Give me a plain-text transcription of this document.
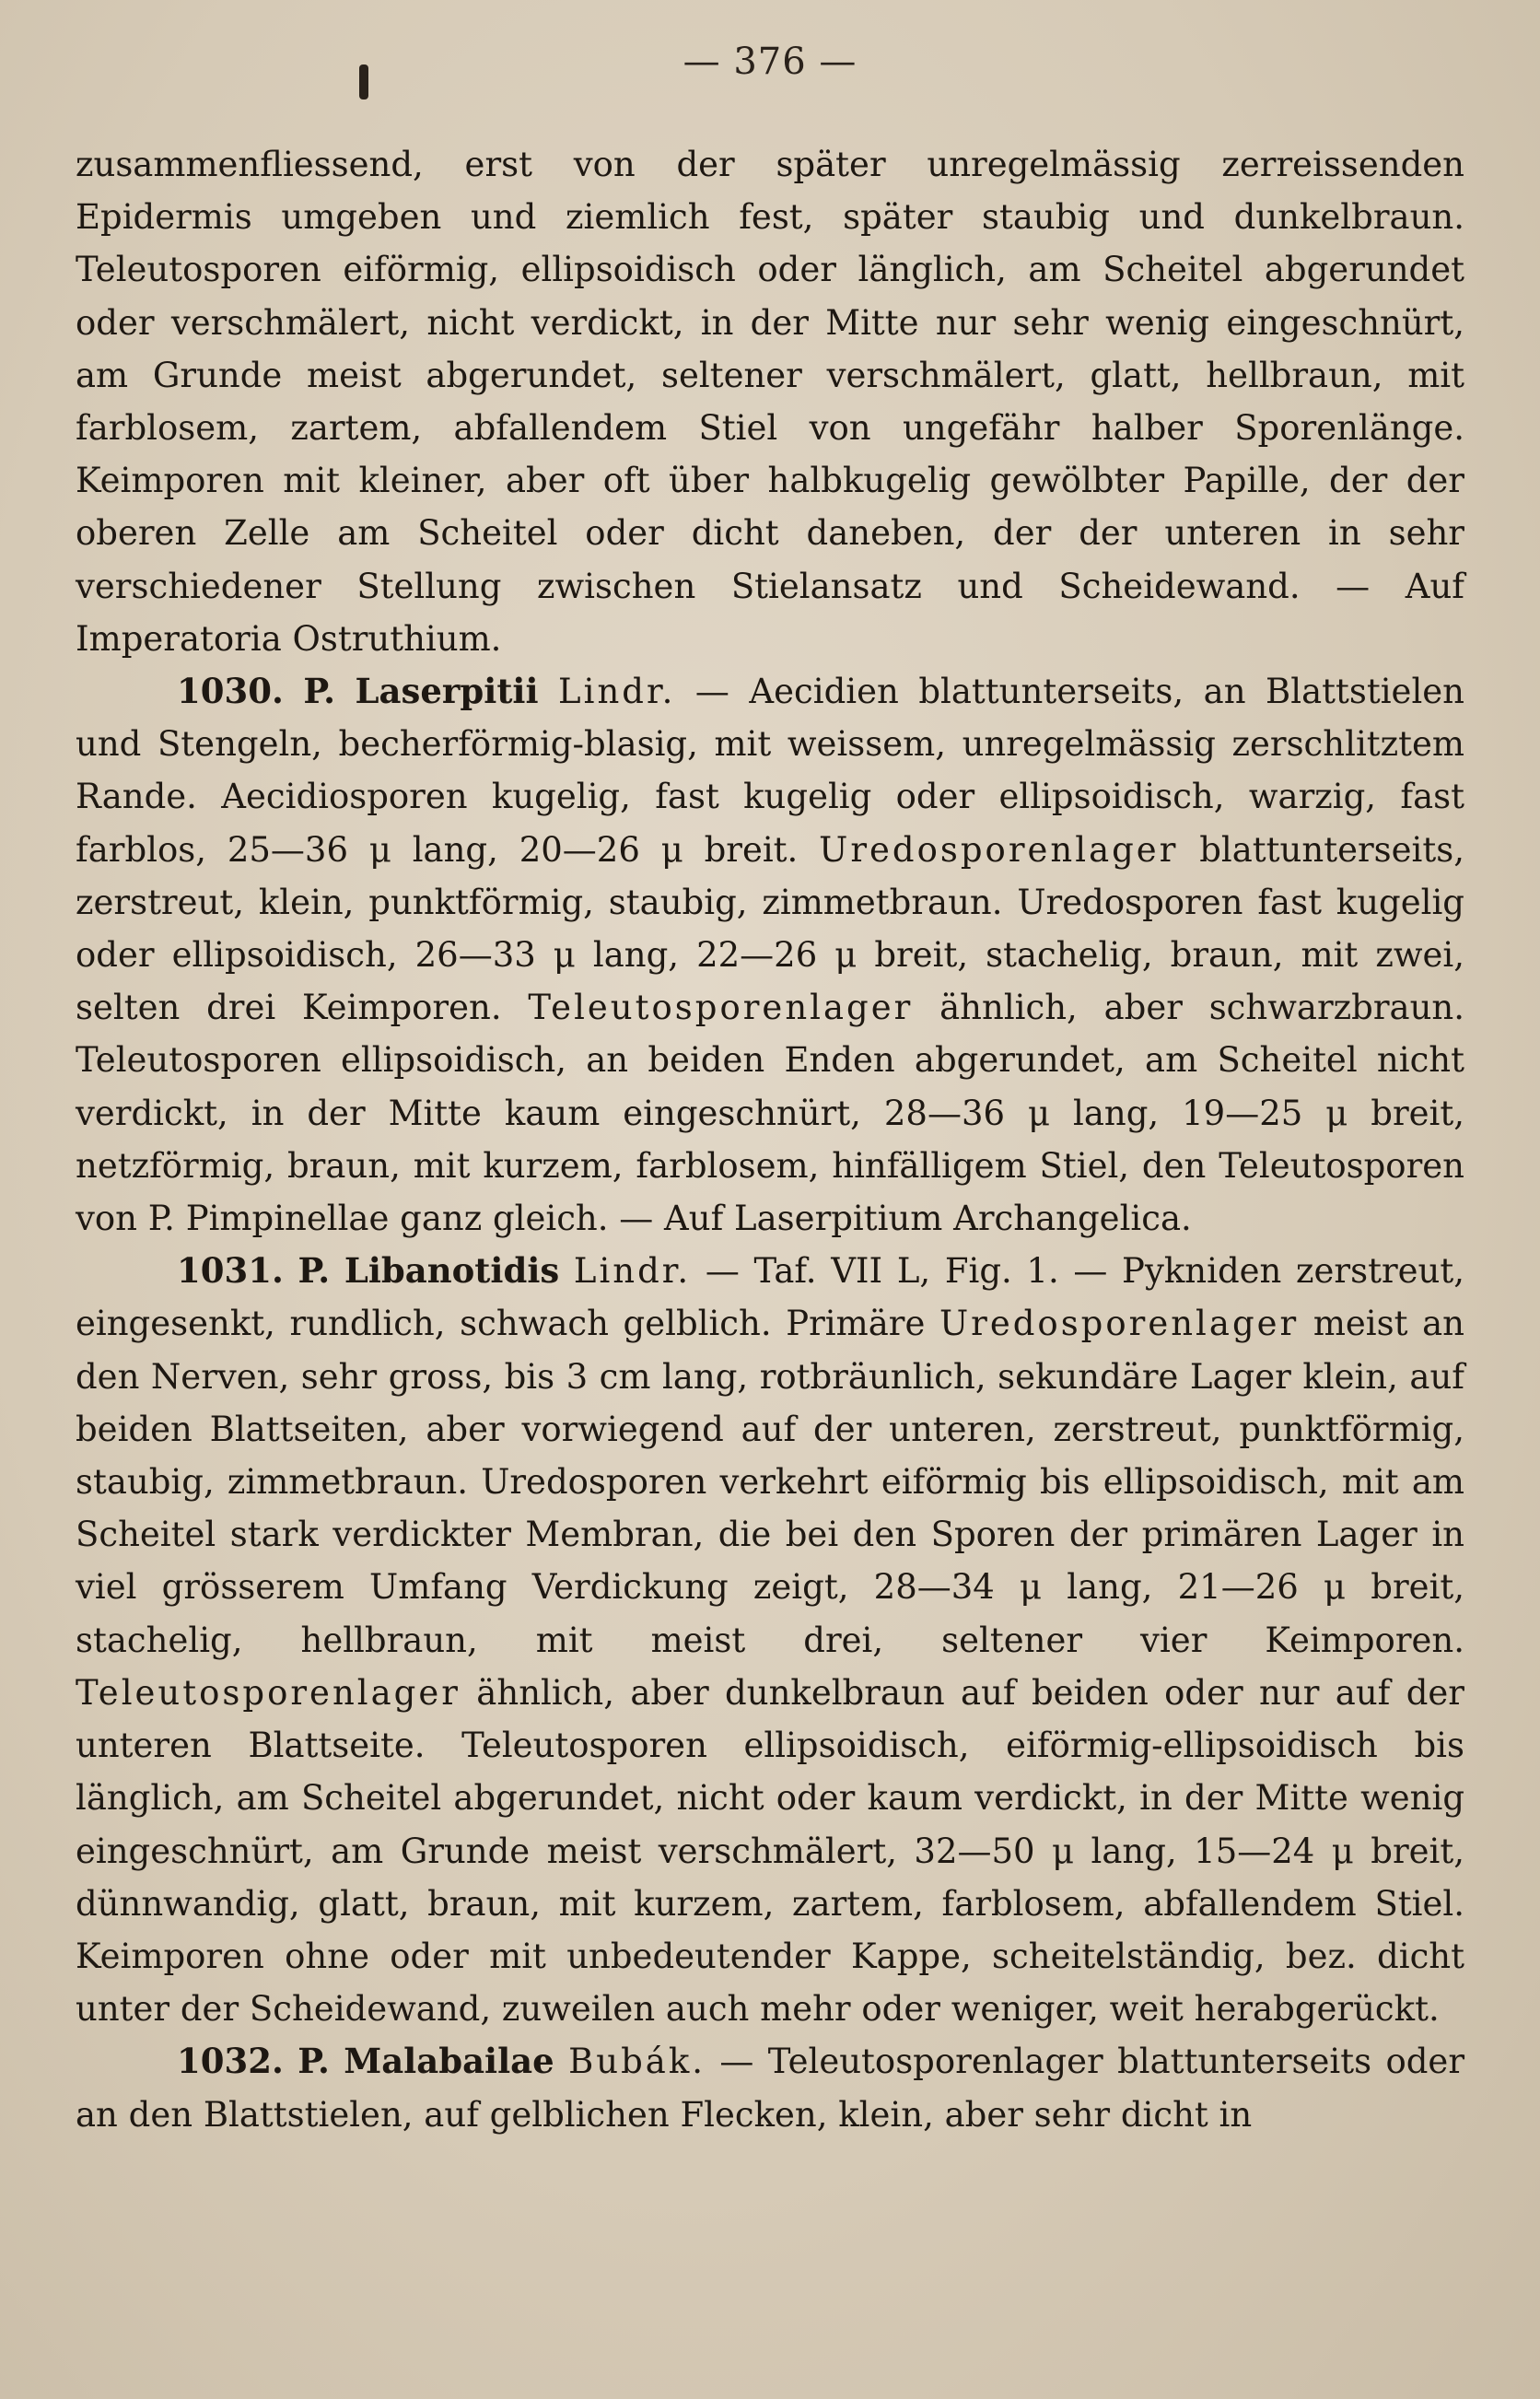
— 376 —

zusammenfliessend, erst von der später unregelmässig zerreissenden Epidermis umgeben und ziemlich fest, später staubig und dunkelbraun. Teleutosporen eiförmig, ellipsoidisch oder länglich, am Scheitel abgerundet oder verschmälert, nicht verdickt, in der Mitte nur sehr wenig eingeschnürt, am Grunde meist abgerundet, seltener verschmälert, glatt, hellbraun, mit farblosem, zartem, abfallendem Stiel von ungefähr halber Sporenlänge. Keimporen mit kleiner, aber oft über halbkugelig gewölbter Papille, der der oberen Zelle am Scheitel oder dicht daneben, der der unteren in sehr verschiedener Stellung zwischen Stielansatz und Scheidewand. — Auf Imperatoria Ostruthium.

1030. P. Laserpitii Lindr. — Aecidien blattunterseits, an Blattstielen und Stengeln, becherförmig-blasig, mit weissem, unregelmässig zerschlitztem Rande. Aecidiosporen kugelig, fast kugelig oder ellipsoidisch, warzig, fast farblos, 25—36 μ lang, 20—26 μ breit. Uredosporenlager blattunterseits, zerstreut, klein, punktförmig, staubig, zimmetbraun. Uredosporen fast kugelig oder ellipsoidisch, 26—33 μ lang, 22—26 μ breit, stachelig, braun, mit zwei, selten drei Keimporen. Teleutosporenlager ähnlich, aber schwarzbraun. Teleutosporen ellipsoidisch, an beiden Enden abgerundet, am Scheitel nicht verdickt, in der Mitte kaum eingeschnürt, 28—36 μ lang, 19—25 μ breit, netzförmig, braun, mit kurzem, farblosem, hinfälligem Stiel, den Teleutosporen von P. Pimpinellae ganz gleich. — Auf Laserpitium Archangelica.

1031. P. Libanotidis Lindr. — Taf. VII L, Fig. 1. — Pykniden zerstreut, eingesenkt, rundlich, schwach gelblich. Primäre Uredosporenlager meist an den Nerven, sehr gross, bis 3 cm lang, rotbräunlich, sekundäre Lager klein, auf beiden Blattseiten, aber vorwiegend auf der unteren, zerstreut, punktförmig, staubig, zimmetbraun. Uredosporen verkehrt eiförmig bis ellipsoidisch, mit am Scheitel stark verdickter Membran, die bei den Sporen der primären Lager in viel grösserem Umfang Verdickung zeigt, 28—34 μ lang, 21—26 μ breit, stachelig, hellbraun, mit meist drei, seltener vier Keimporen. Teleutosporenlager ähnlich, aber dunkelbraun auf beiden oder nur auf der unteren Blattseite. Teleutosporen ellipsoidisch, eiförmig-ellipsoidisch bis länglich, am Scheitel abgerundet, nicht oder kaum verdickt, in der Mitte wenig eingeschnürt, am Grunde meist verschmälert, 32—50 μ lang, 15—24 μ breit, dünnwandig, glatt, braun, mit kurzem, zartem, farblosem, abfallendem Stiel. Keimporen ohne oder mit unbedeutender Kappe, scheitelständig, bez. dicht unter der Scheidewand, zuweilen auch mehr oder weniger, weit herabgerückt.

1032. P. Malabailae Bubák. — Teleutosporenlager blattunterseits oder an den Blattstielen, auf gelblichen Flecken, klein, aber sehr dicht in
